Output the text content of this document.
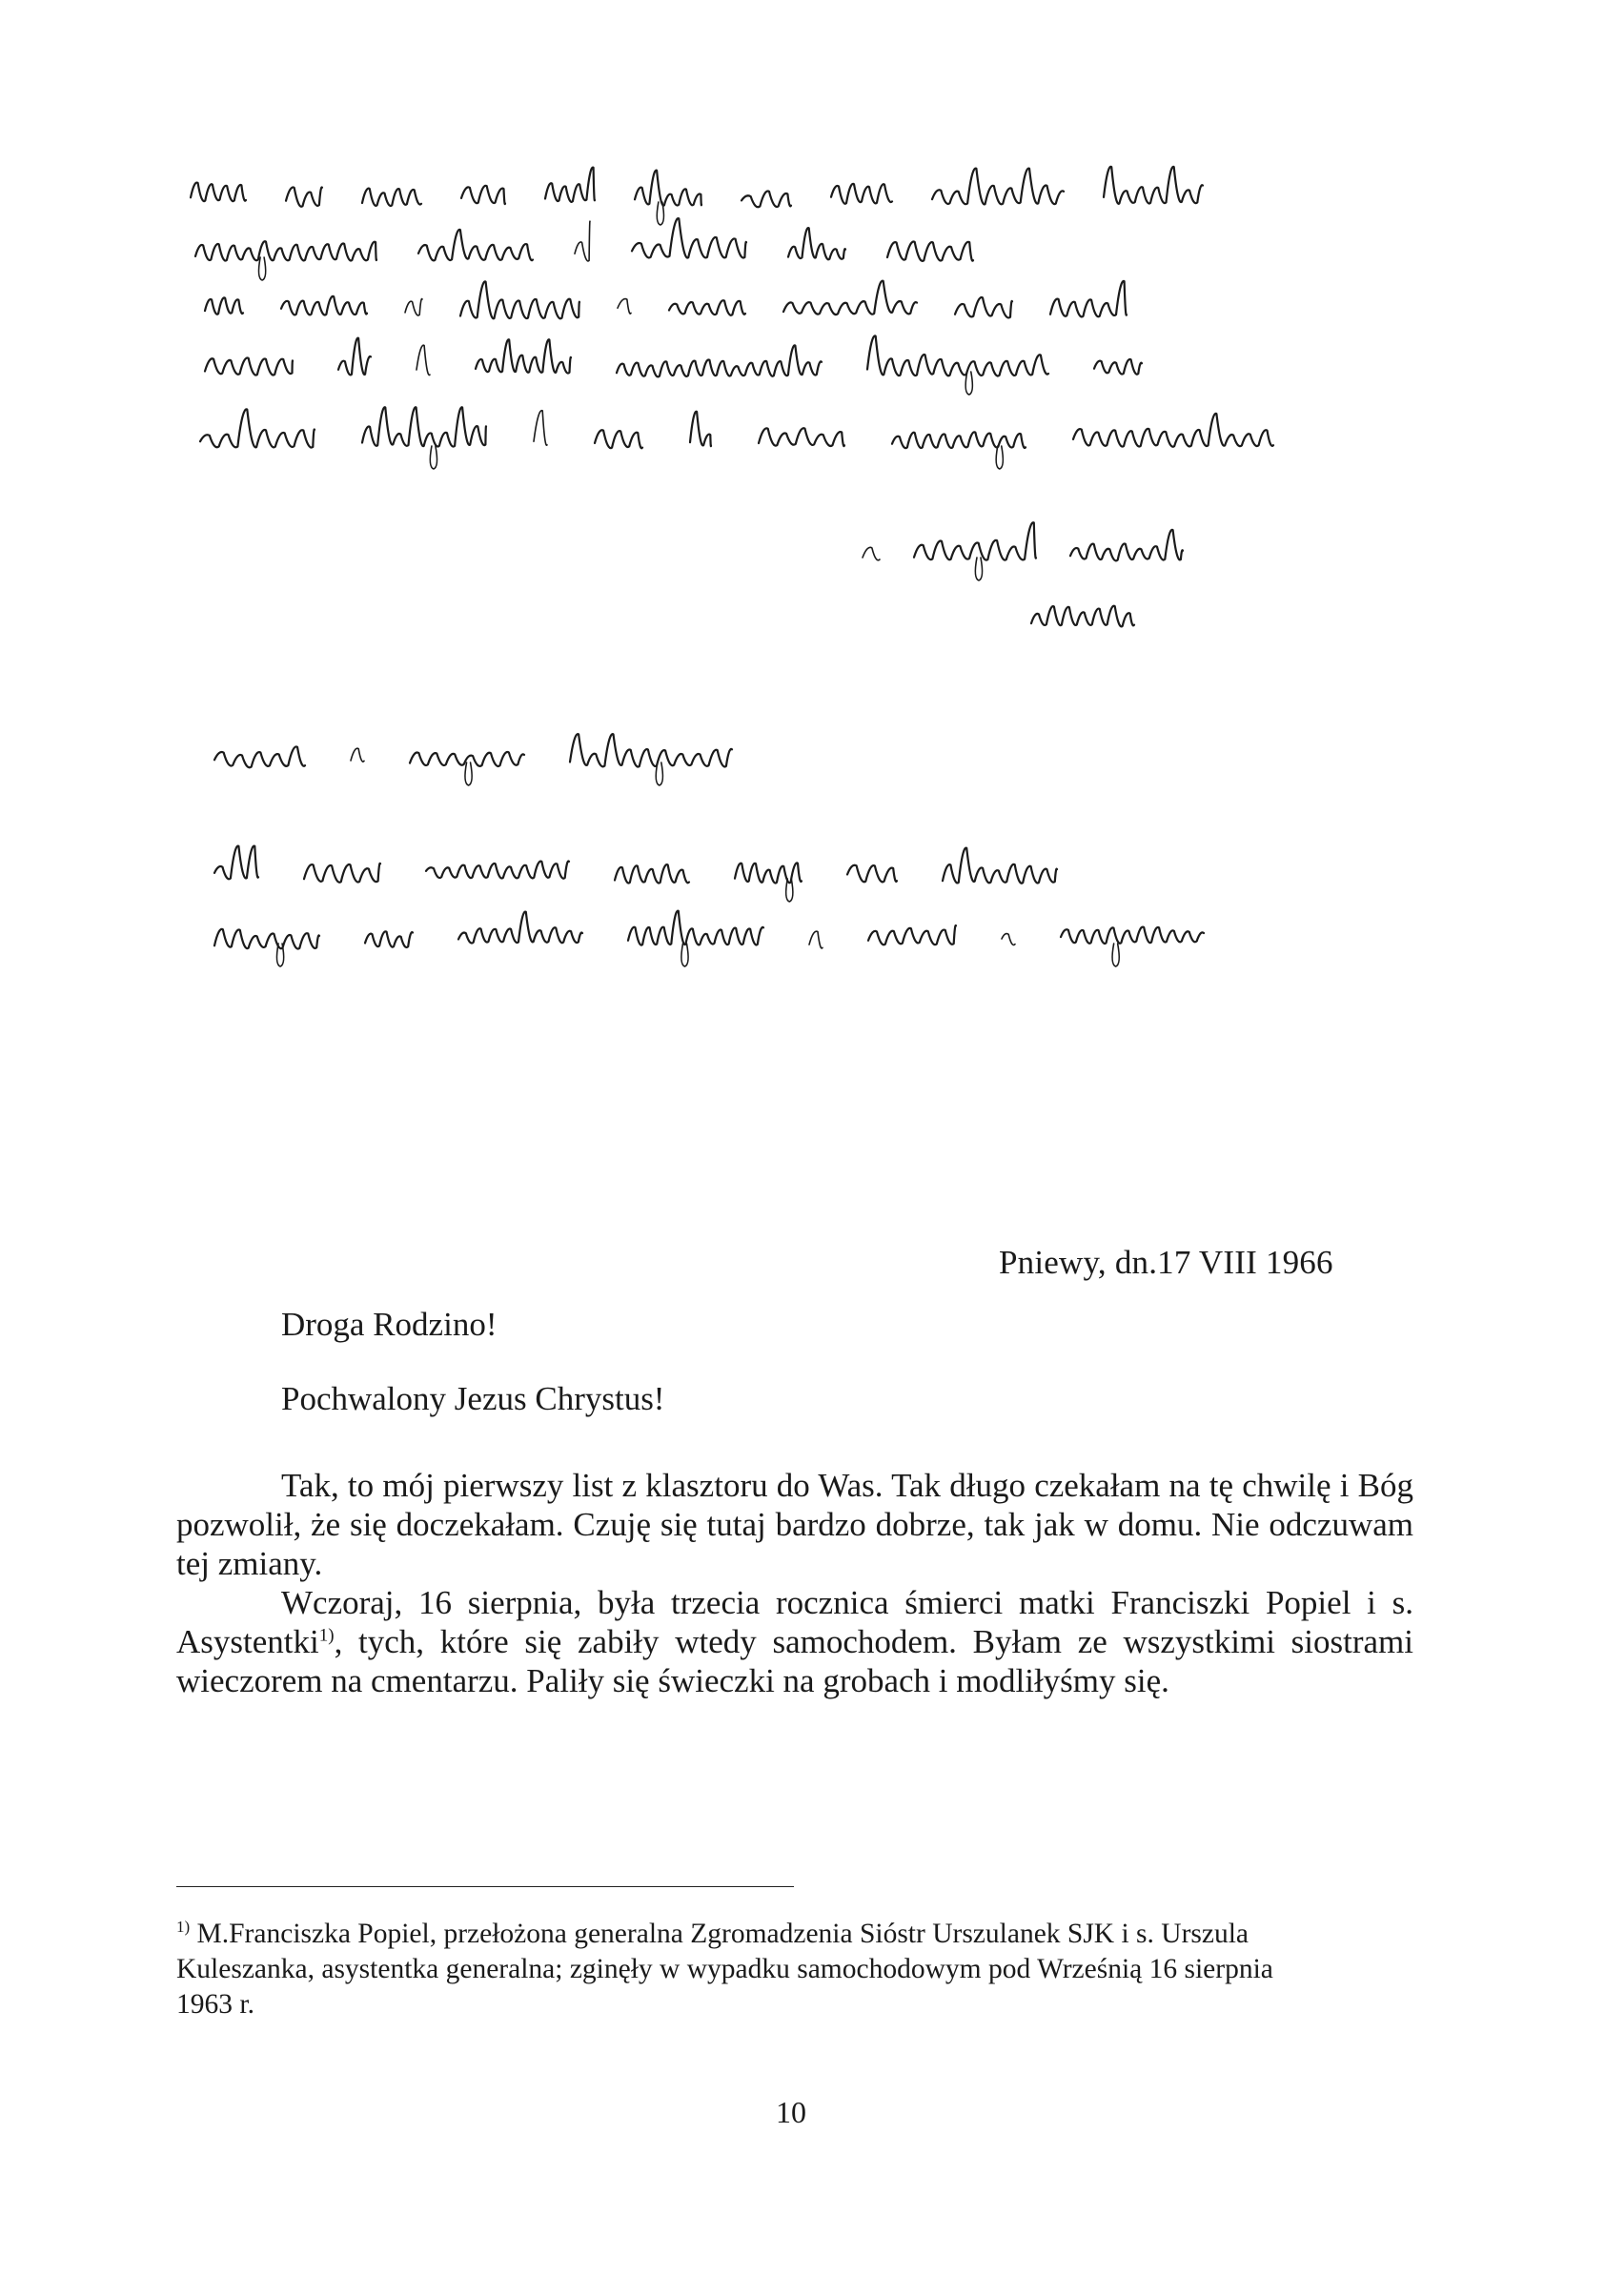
Pniewy, dn.17 VIII 1966
Droga Rodzino!
Pochwalony Jezus Chrystus!

Tak, to mój pierwszy list z klasztoru do Was. Tak długo czekałam na tę chwilę i Bóg pozwolił, że się doczekałam. Czuję się tutaj bardzo dobrze, tak jak w domu. Nie odczuwam tej zmiany.

Wczoraj, 16 sierpnia, była trzecia rocznica śmierci matki Franciszki Popiel i s. Asystentki$^{1)}$, tych, które się zabiły wtedy samochodem. Byłam ze wszystkimi siostrami wieczorem na cmentarzu. Paliły się świeczki na grobach i modliłyśmy się.

$^{1)}$ M.Franciszka Popiel, przełożona generalna Zgromadzenia Sióstr Urszulanek SJK i s. Urszula Kuleszanka, asystentka generalna; zginęły w wypadku samochodowym pod Wrześnią 16 sierpnia 1963 r.
10
